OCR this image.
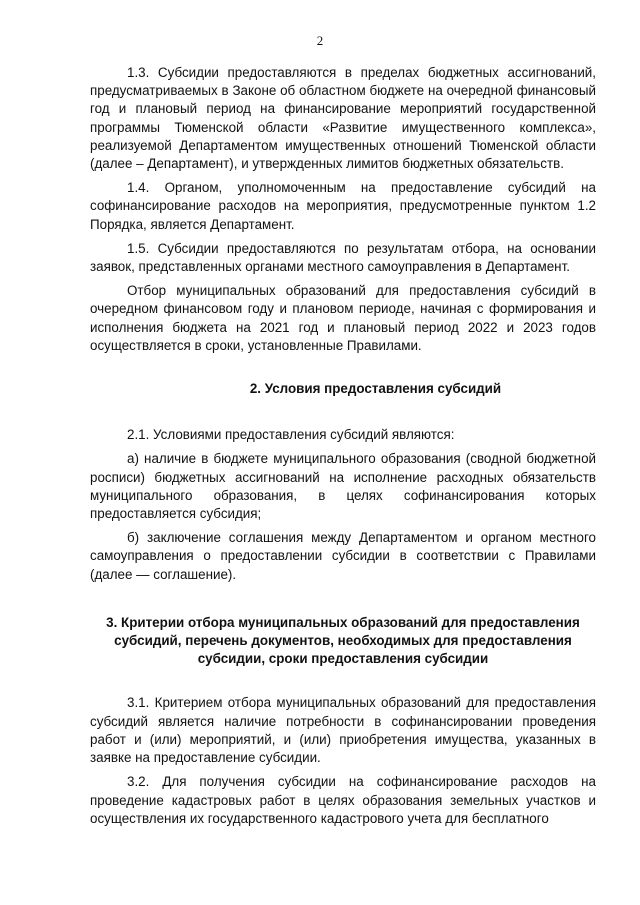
2

1.3. Субсидии предоставляются в пределах бюджетных ассигнований, предусматриваемых в Законе об областном бюджете на очередной финансовый год и плановый период на финансирование мероприятий государственной программы Тюменской области «Развитие имущественного комплекса», реализуемой Департаментом имущественных отношений Тюменской области (далее – Департамент), и утвержденных лимитов бюджетных обязательств.

1.4. Органом, уполномоченным на предоставление субсидий на софинансирование расходов на мероприятия, предусмотренные пунктом 1.2 Порядка, является Департамент.

1.5. Субсидии предоставляются по результатам отбора, на основании заявок, представленных органами местного самоуправления в Департамент.

Отбор муниципальных образований для предоставления субсидий в очередном финансовом году и плановом периоде, начиная с формирования и исполнения бюджета на 2021 год и плановый период 2022 и 2023 годов осуществляется в сроки, установленные Правилами.

2. Условия предоставления субсидий

2.1. Условиями предоставления субсидий являются:

а) наличие в бюджете муниципального образования (сводной бюджетной росписи) бюджетных ассигнований на исполнение расходных обязательств муниципального образования, в целях софинансирования которых предоставляется субсидия;

б) заключение соглашения между Департаментом и органом местного самоуправления о предоставлении субсидии в соответствии с Правилами (далее — соглашение).

3. Критерии отбора муниципальных образований для предоставления субсидий, перечень документов, необходимых для предоставления субсидии, сроки предоставления субсидии

3.1. Критерием отбора муниципальных образований для предоставления субсидий является наличие потребности в софинансировании проведения работ и (или) мероприятий, и (или) приобретения имущества, указанных в заявке на предоставление субсидии.

3.2. Для получения субсидии на софинансирование расходов на проведение кадастровых работ в целях образования земельных участков и осуществления их государственного кадастрового учета для бесплатного
